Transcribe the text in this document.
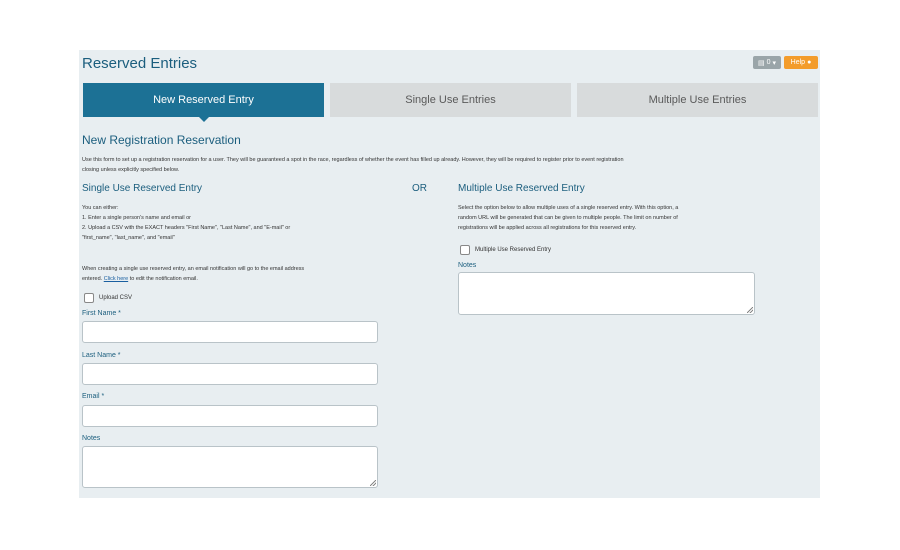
Reserved Entries	▤ 0 ▾ Help ●
New Reserved Entry	Single Use Entries	Multiple Use Entries
New Registration Reservation
Use this form to set up a registration reservation for a user. They will be guaranteed a spot in the race, regardless of whether the event has filled up already. However, they will be required to register prior to event registration
closing unless explicitly specified below.
Single Use Reserved Entry
You can either:
1. Enter a single person's name and email or
2. Upload a CSV with the EXACT headers "First Name", "Last Name", and "E-mail" or
"first_name", "last_name", and "email"
When creating a single use reserved entry, an email notification will go to the email address
entered. Click here to edit the notification email.
Upload CSV
First Name *
Last Name *
Email *
Notes
OR	Multiple Use Reserved Entry
Select the option below to allow multiple uses of a single reserved entry. With this option, a
random URL will be generated that can be given to multiple people. The limit on number of
registrations will be applied across all registrations for this reserved entry.
Multiple Use Reserved Entry
Notes
